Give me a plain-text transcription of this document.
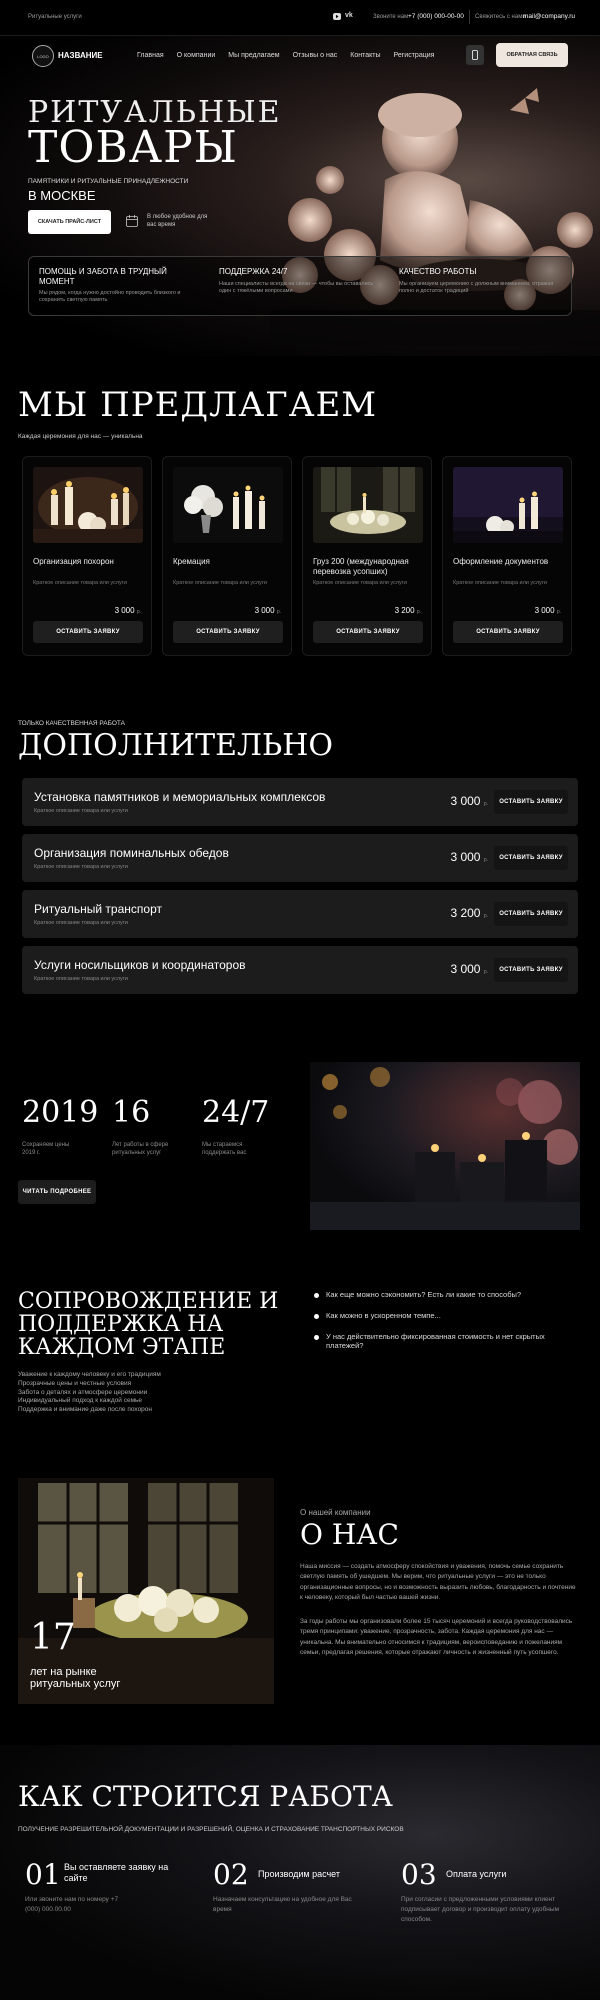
Ритуальные услуги	vk	Звоните нам +7 (000) 000-00-00 Свяжитесь с нами
mail@company.ru
LOGO	НАЗВАНИЕ	Главная О компании Мы предлагаем Отзывы о нас Контакты Регистрация	ОБРАТНАЯ СВЯЗЬ
РИТУАЛЬНЫЕ
ТОВАРЫ
ПАМЯТНИКИ И РИТУАЛЬНЫЕ ПРИНАДЛЕЖНОСТИ
В МОСКВЕ
СКАЧАТЬ ПРАЙС-ЛИСТ
В любое удобное для вас время
ПОМОЩЬ И ЗАБОТА В ТРУДНЫЙ МОМЕНТ
Мы рядом, когда нужно достойно проводить близкого и сохранить светлую память
ПОДДЕРЖКА 24/7
Наши специалисты всегда на связи — чтобы вы оставались один с тяжёлыми вопросами
КАЧЕСТВО РАБОТЫ
Мы организуем церемонию с должным вниманием, отражая полно и достаток традиций
МЫ ПРЕДЛАГАЕМ
Каждая церемония для нас — уникальна
Организация похорон
Краткое описание товара или услуги
3 000 р.
ОСТАВИТЬ ЗАЯВКУ
Кремация
Краткое описание товара или услуги
3 000 р.
ОСТАВИТЬ ЗАЯВКУ
Груз 200 (международная перевозка усопших)
Краткое описание товара или услуги
3 200 р.
ОСТАВИТЬ ЗАЯВКУ
Оформление документов
Краткое описание товара или услуги
3 000 р.
ОСТАВИТЬ ЗАЯВКУ
ТОЛЬКО КАЧЕСТВЕННАЯ РАБОТА
ДОПОЛНИТЕЛЬНО
Установка памятников и мемориальных комплексов
Краткое описание товара или услуги
3 000 р.	ОСТАВИТЬ ЗАЯВКУ
Организация поминальных обедов
Краткое описание товара или услуги
3 000 р.	ОСТАВИТЬ ЗАЯВКУ
Ритуальный транспорт
Краткое описание товара или услуги
3 200 р.	ОСТАВИТЬ ЗАЯВКУ
Услуги носильщиков и координаторов
Краткое описание товара или услуги
3 000 р.	ОСТАВИТЬ ЗАЯВКУ
2019
Сохраняем цены 2019 г.
16
Лет работы в сфере ритуальных услуг
24/7
Мы стараемся поддержать вас
ЧИТАТЬ ПОДРОБНЕЕ
СОПРОВОЖДЕНИЕ И
ПОДДЕРЖКА НА
КАЖДОМ ЭТАПЕ
Уважение к каждому человеку и его традициям
Прозрачные цены и честные условия
Забота о деталях и атмосфере церемонии
Индивидуальный подход к каждой семье
Поддержка и внимание даже после похорон
Как еще можно сэкономить? Есть ли какие то способы?
Как можно в ускоренном темпе...
У нас действительно фиксированная стоимость и нет скрытых платежей?
17
лет на рынке
ритуальных услуг
О нашей компании
О НАС
Наша миссия — создать атмосферу спокойствия и уважения, помочь семье сохранить светлую память об ушедшем. Мы верим, что ритуальные услуги — это не только организационные вопросы, но и возможность выразить любовь, благодарность и почтение к человеку, который был частью вашей жизни.
За годы работы мы организовали более 15 тысяч церемоний и всегда руководствовались тремя принципами: уважение, прозрачность, забота. Каждая церемония для нас — уникальна. Мы внимательно относимся к традициям, вероисповеданию и пожеланиям семьи, предлагая решения, которые отражают личность и жизненный путь усопшего.
КАК СТРОИТСЯ РАБОТА
ПОЛУЧЕНИЕ РАЗРЕШИТЕЛЬНОЙ ДОКУМЕНТАЦИИ И РАЗРЕШЕНИЙ, ОЦЕНКА И СТРАХОВАНИЕ ТРАНСПОРТНЫХ РИСКОВ
01 Вы оставляете заявку на сайте
Или звоните нам по номеру +7 (000) 000.00.00
02 Производим расчет
Назначаем консультацию на удобное для Вас время
03 Оплата услуги
При согласии с предложенными условиями клиент подписывает договор и производит оплату удобным способом.
